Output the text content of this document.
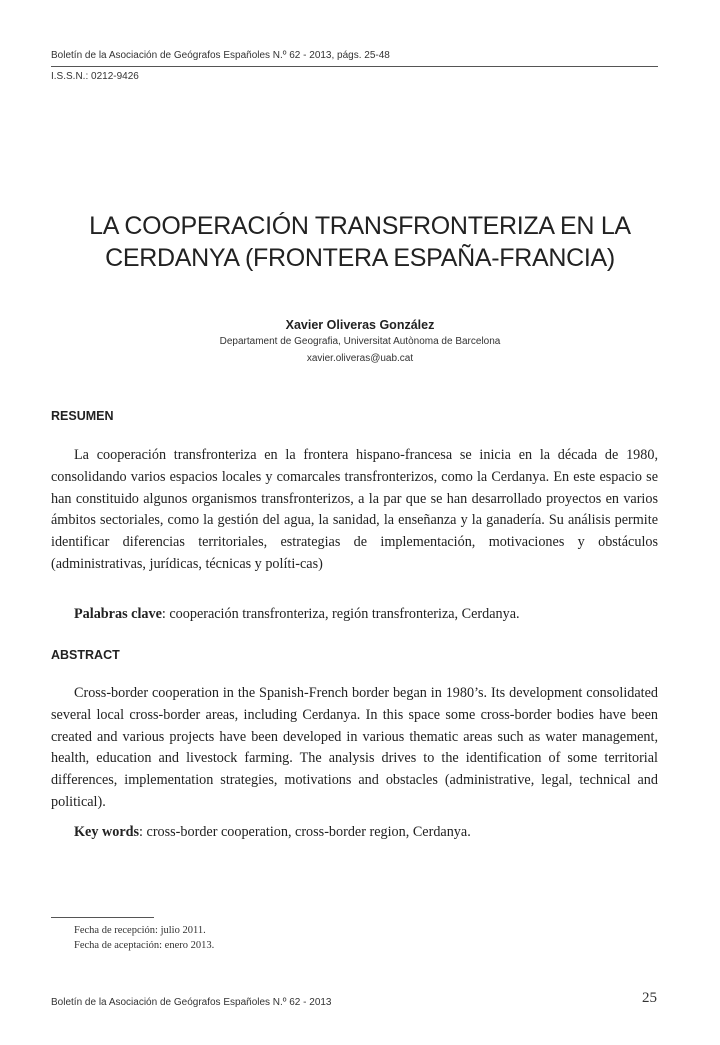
Boletín de la Asociación de Geógrafos Españoles N.º 62 - 2013, págs. 25-48
I.S.S.N.: 0212-9426
LA COOPERACIÓN TRANSFRONTERIZA EN LA
CERDANYA (FRONTERA ESPAÑA-FRANCIA)
Xavier Oliveras González
Departament de Geografia, Universitat Autònoma de Barcelona
xavier.oliveras@uab.cat
RESUMEN

La cooperación transfronteriza en la frontera hispano-francesa se inicia en la década de 1980, consolidando varios espacios locales y comarcales transfronterizos, como la Cerdanya. En este espacio se han constituido algunos organismos transfronterizos, a la par que se han desarrollado proyectos en varios ámbitos sectoriales, como la gestión del agua, la sanidad, la enseñanza y la ganadería. Su análisis permite identificar diferencias territoriales, estrategias de implementación, motivaciones y obstáculos (administrativas, jurídicas, técnicas y políti-cas)

Palabras clave: cooperación transfronteriza, región transfronteriza, Cerdanya.
ABSTRACT

Cross-border cooperation in the Spanish-French border began in 1980’s. Its development consolidated several local cross-border areas, including Cerdanya. In this space some cross-border bodies have been created and various projects have been developed in various thematic areas such as water management, health, education and livestock farming. The analysis drives to the identification of some territorial differences, implementation strategies, motivations and obstacles (administrative, legal, technical and political).

Key words: cross-border cooperation, cross-border region, Cerdanya.
Fecha de recepción: julio 2011.
Fecha de aceptación: enero 2013.
Boletín de la Asociación de Geógrafos Españoles N.º 62 - 2013	25
